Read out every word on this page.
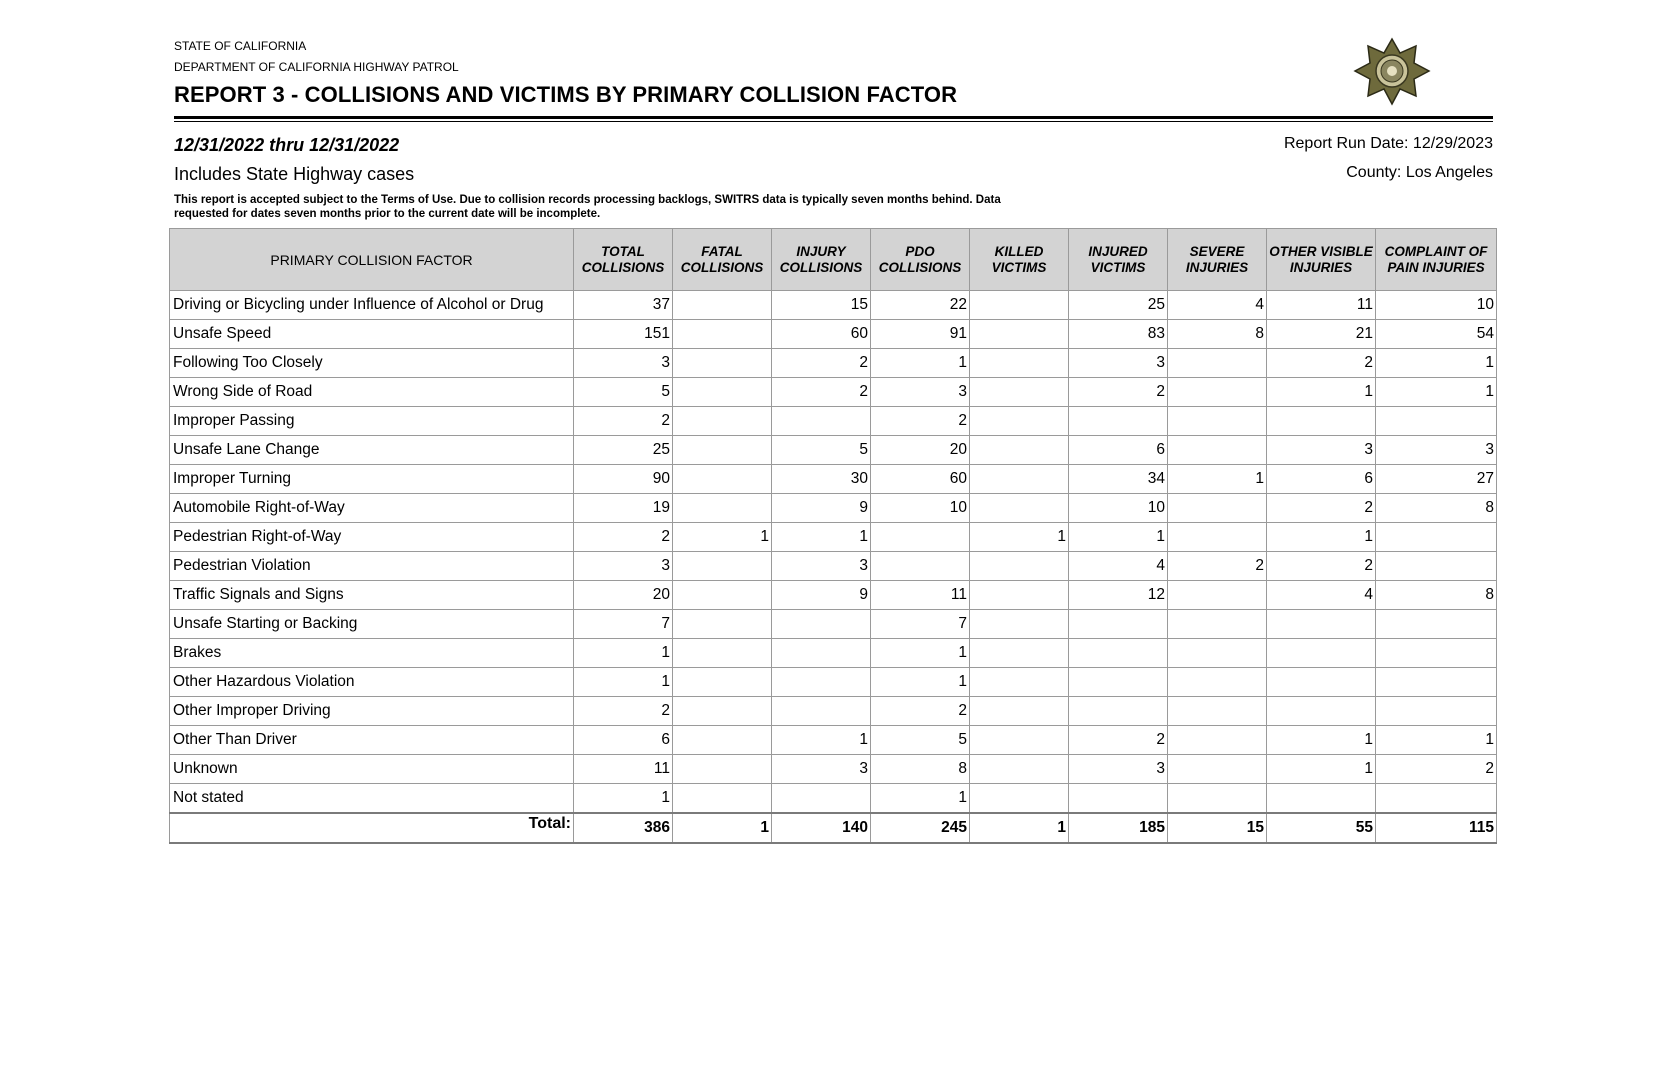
STATE OF CALIFORNIA
DEPARTMENT OF CALIFORNIA HIGHWAY PATROL
REPORT 3 - COLLISIONS AND VICTIMS BY PRIMARY COLLISION FACTOR
12/31/2022 thru 12/31/2022
Includes State Highway cases
Report Run Date: 12/29/2023
County: Los Angeles
This report is accepted subject to the Terms of Use. Due to collision records processing backlogs, SWITRS data is typically seven months behind. Data requested for dates seven months prior to the current date will be incomplete.
PRIMARY COLLISION FACTOR	TOTAL COLLISIONS	FATAL COLLISIONS	INJURY COLLISIONS	PDO COLLISIONS	KILLED VICTIMS	INJURED VICTIMS	SEVERE INJURIES	OTHER VISIBLE INJURIES	COMPLAINT OF PAIN INJURIES
Driving or Bicycling under Influence of Alcohol or Drug	37		15	22		25	4	11	10
Unsafe Speed	151		60	91		83	8	21	54
Following Too Closely	3		2	1		3		2	1
Wrong Side of Road	5		2	3		2		1	1
Improper Passing	2			2					
Unsafe Lane Change	25		5	20		6		3	3
Improper Turning	90		30	60		34	1	6	27
Automobile Right-of-Way	19		9	10		10		2	8
Pedestrian Right-of-Way	2	1	1		1	1		1	
Pedestrian Violation	3		3			4	2	2	
Traffic Signals and Signs	20		9	11		12		4	8
Unsafe Starting or Backing	7			7					
Brakes	1			1					
Other Hazardous Violation	1			1					
Other Improper Driving	2			2					
Other Than Driver	6		1	5		2		1	1
Unknown	11		3	8		3		1	2
Not stated	1			1					
Total:	386	1	140	245	1	185	15	55	115
